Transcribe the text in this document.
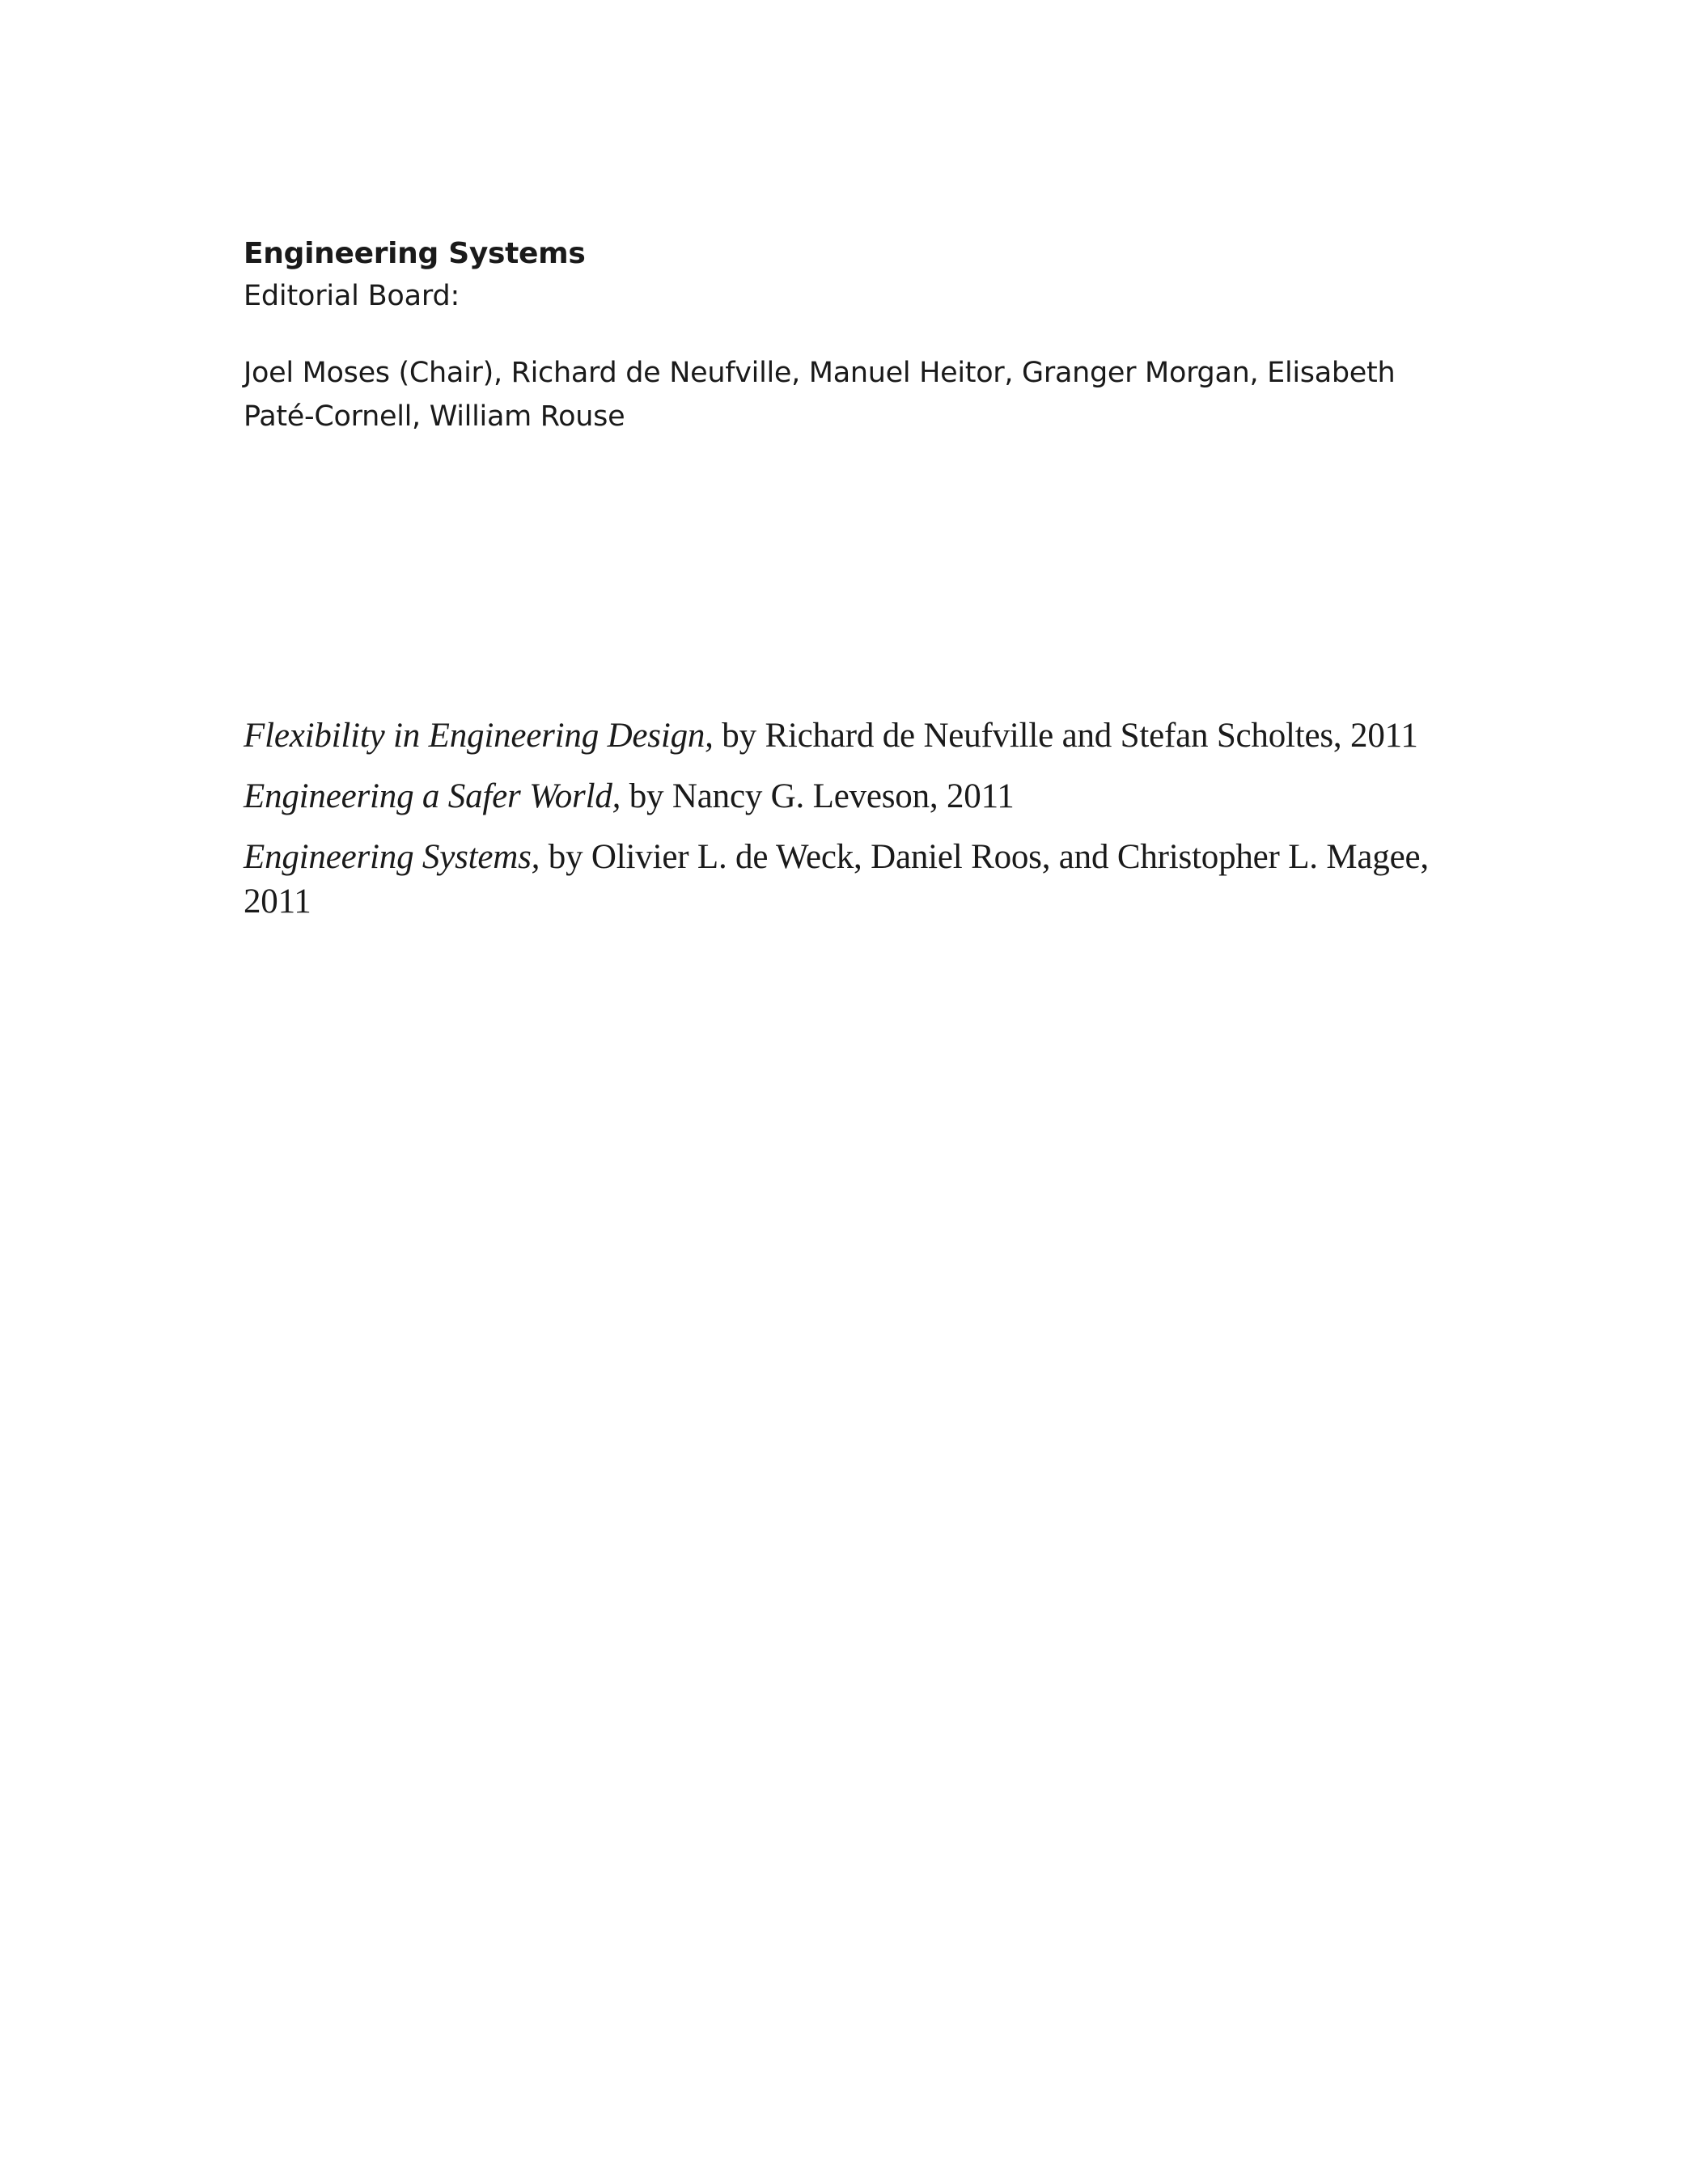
Engineering Systems

Editorial Board:

Joel Moses (Chair), Richard de Neufville, Manuel Heitor, Granger Morgan, Elisabeth
Paté-Cornell, William Rouse

Flexibility in Engineering Design, by Richard de Neufville and Stefan Scholtes, 2011

Engineering a Safer World, by Nancy G. Leveson, 2011

Engineering Systems, by Olivier L. de Weck, Daniel Roos, and Christopher L. Magee, 2011
